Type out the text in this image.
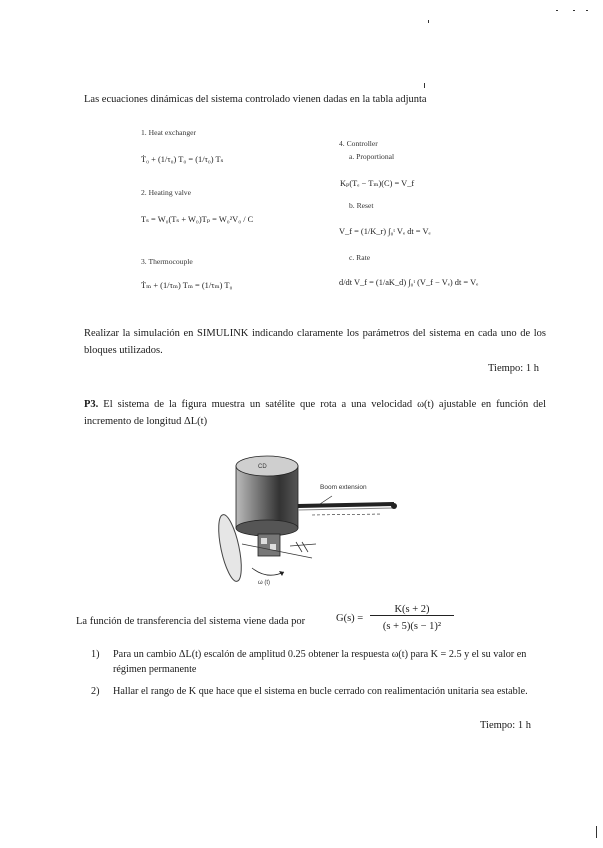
Las ecuaciones dinámicas del sistema controlado vienen dadas en la tabla adjunta
1. Heat exchanger
Ṫ₀ + (1/τ₀) T₀ = (1/τ₀) Tₛ
2. Heating valve
Tₛ = W₀(Tₛ + W₀)Tₚ = W₀²V₀ / C
3. Thermocouple
Ṫₘ + (1/τₘ) Tₘ = (1/τₘ) T₀
4. Controller
a. Proportional
Kₚ(Tₑ − Tₘ)(C) = V_f
b. Reset
V_f = (1/K_r) ∫₀ᵗ Vₑ dt = Vₑ
c. Rate
d/dt V_f = (1/aK_d) ∫₀ᵗ (V_f − Vₑ) dt = Vₑ
Realizar la simulación en SIMULINK indicando claramente los parámetros del sistema en cada uno de los bloques utilizados.
Tiempo: 1 h
P3. El sistema de la figura muestra un satélite que rota a una velocidad ω(t) ajustable en función del incremento de longitud ΔL(t)
CD
ω (t)
Boom extension
La función de transferencia del sistema viene dada por	G(s) =
K(s + 2)
(s + 5)(s − 1)²
1) Para un cambio ΔL(t) escalón de amplitud 0.25 obtener la respuesta ω(t) para K = 2.5 y el su valor en régimen permanente
2) Hallar el rango de K que hace que el sistema en bucle cerrado con realimentación unitaria sea estable.
Tiempo: 1 h
